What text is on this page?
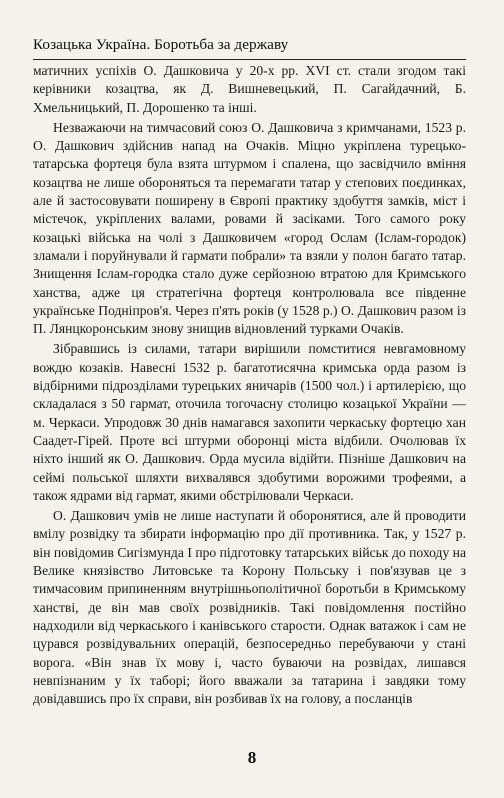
Козацька Україна. Боротьба за державу

матичних успіхів О. Дашковича у 20-х рр. XVI ст. стали згодом такі керівники козацтва, як Д. Вишневецький, П. Сагайдачний, Б. Хмельницький, П. Дорошенко та інші.

Незважаючи на тимчасовий союз О. Дашковича з кримчанами, 1523 р. О. Дашкович здійснив напад на Очаків. Міцно укріплена турецько-татарська фортеця була взята штурмом і спалена, що засвідчило вміння козацтва не лише обороняться та перемагати татар у степових поєдинках, але й застосовувати поширену в Європі практику здобуття замків, міст і містечок, укріплених валами, ровами й засіками. Того самого року козацькі війська на чолі з Дашковичем «город Ослам (Іслам-городок) зламали і поруйнували й гармати побрали» та взяли у полон багато татар. Знищення Іслам-городка стало дуже серйозною втратою для Кримського ханства, адже ця стратегічна фортеця контролювала все південне українське Подніпров'я. Через п'ять років (у 1528 р.) О. Дашкович разом із П. Лянцкоронським знову знищив відновлений турками Очаків.

Зібравшись із силами, татари вирішили помститися невгамовному вождю козаків. Навесні 1532 р. багатотисячна кримська орда разом із відбірними підрозділами турецьких яничарів (1500 чол.) і артилерією, що складалася з 50 гармат, оточила тогочасну столицю козацької України — м. Черкаси. Упродовж 30 днів намагався захопити черкаську фортецю хан Саадет-Гірей. Проте всі штурми оборонці міста відбили. Очолював їх ніхто інший як О. Дашкович. Орда мусила відійти. Пізніше Дашкович на сеймі польської шляхти вихвалявся здобутими ворожими трофеями, а також ядрами від гармат, якими обстрілювали Черкаси.

О. Дашкович умів не лише наступати й оборонятися, але й проводити вмілу розвідку та збирати інформацію про дії противника. Так, у 1527 р. він повідомив Сигізмунда I про підготовку татарських військ до походу на Велике князівство Литовське та Корону Польську і пов'язував це з тимчасовим припиненням внутрішньополітичної боротьби в Кримському ханстві, де він мав своїх розвідників. Такі повідомлення постійно надходили від черкаського і канівського старости. Однак ватажок і сам не цурався розвідувальних операцій, безпосередньо перебуваючи у стані ворога. «Він знав їх мову і, часто буваючи на розвідах, лишався невпізнаним у їх таборі; його вважали за татарина і завдяки тому довідавшись про їх справи, він розбивав їх на голову, а посланців

8
